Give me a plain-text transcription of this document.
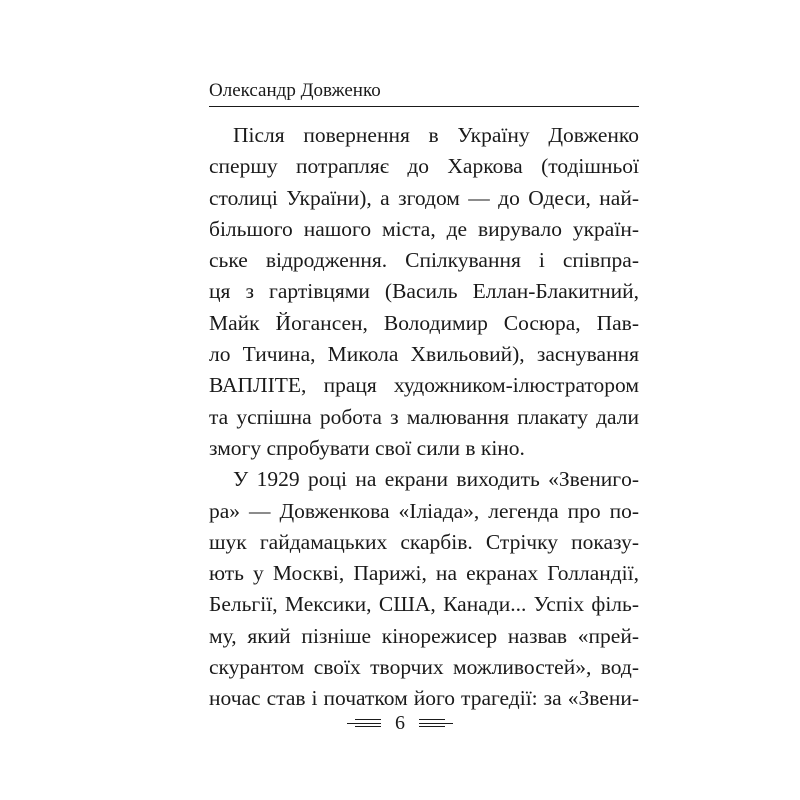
Олександр Довженко
Після повернення в Україну Довженко
спершу потрапляє до Харкова (тодішньої
столиці України), а згодом — до Одеси, най-
більшого нашого міста, де вирувало україн-
ське відродження. Спілкування і співпра-
ця з гартівцями (Василь Еллан-Блакитний,
Майк Йогансен, Володимир Сосюра, Пав-
ло Тичина, Микола Хвильовий), заснування
ВАПЛІТЕ, праця художником-ілюстратором
та успішна робота з малювання плакату дали
змогу спробувати свої сили в кіно.
У 1929 році на екрани виходить «Звенигo-
ра» — Довженкова «Іліада», легенда про по-
шук гайдамацьких скарбів. Стрічку показу-
ють у Москві, Парижі, на екранах Голландії,
Бельгії, Мексики, США, Канади... Успіх філь-
му, який пізніше кінорежисер назвав «прей-
скурантом своїх творчих можливостей», вод-
ночас став і початком його трагедії: за «Звени-
6
